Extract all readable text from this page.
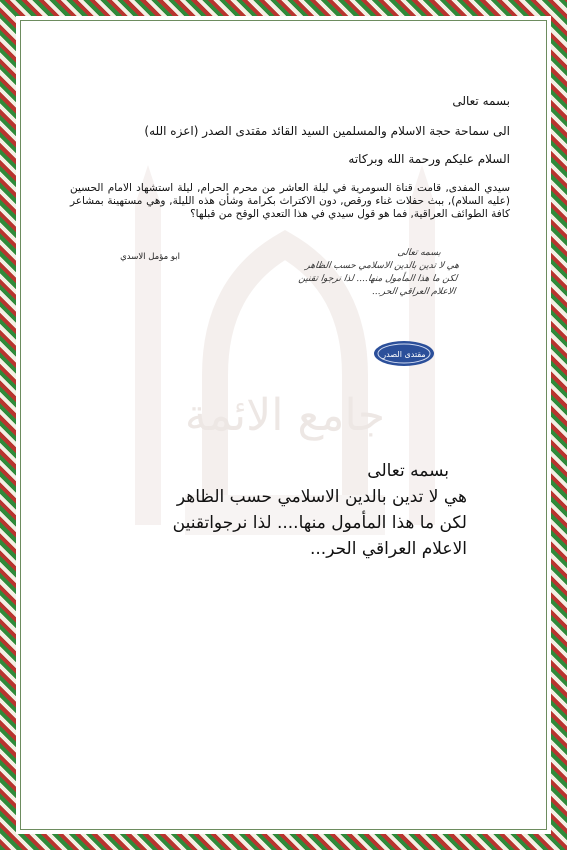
جامع الائمة
بسمه تعالى
الى سماحة حجة الاسلام والمسلمين السيد القائد مقتدى الصدر (اعزه الله)
السلام عليكم ورحمة الله وبركاته
سيدي المفدى, قامت قناة السومرية في ليلة العاشر من محرم الحرام, ليلة استشهاد الامام الحسين (عليه السلام), ببث حفلات غناء ورقص, دون الاكتراث بكرامة وشأن هذه الليلة, وهي مستهينة بمشاعر كافة الطوائف العراقية, فما هو قول سيدي في هذا التعدي الوقح من قبلها؟
ابو مؤمل الاسدي	بسمه تعالى
هي لا تدين بالدين الاسلامي حسب الظاهر
لكن ما هذا المأمول منها.... لذا نرجوا تقنين
الاعلام العراقي الحر...
مقتدى الصدر
بسمه تعالى
هي لا تدين بالدين الاسلامي حسب الظاهر
لكن ما هذا المأمول منها.... لذا نرجواتقنين
الاعلام العراقي الحر...
